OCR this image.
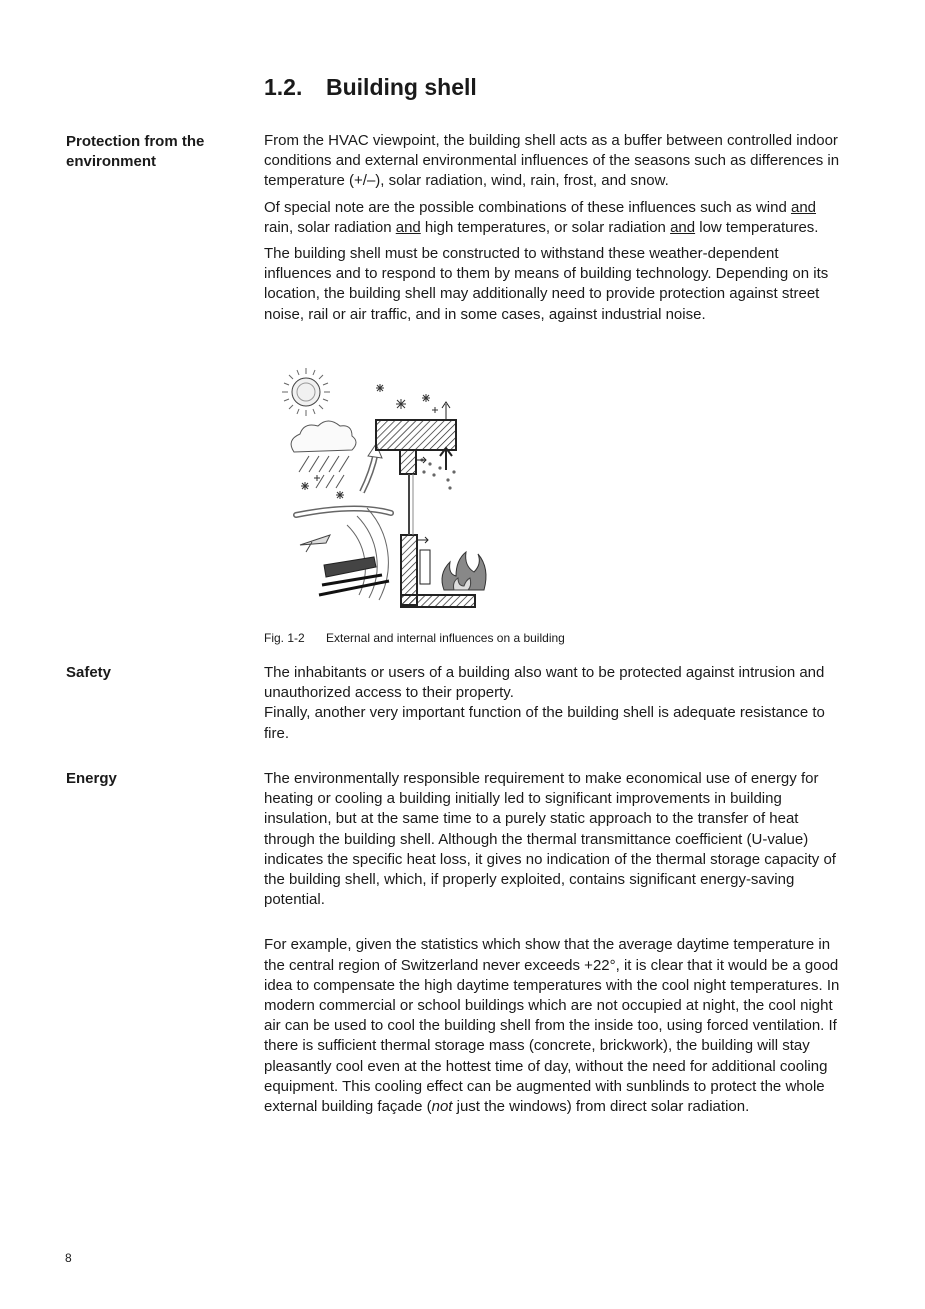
1.2. Building shell
Protection from the environment

From the HVAC viewpoint, the building shell acts as a buffer between controlled indoor conditions and external environmental influences of the seasons such as differences in temperature (+/–), solar radiation, wind, rain, frost, and snow.

Of special note are the possible combinations of these influences such as wind and rain, solar radiation and high temperatures, or solar radiation and low temperatures.

The building shell must be constructed to withstand these weather-dependent influences and to respond to them by means of building technology. Depending on its location, the building shell may additionally need to provide protection against street noise, rail or air traffic, and in some cases, against industrial noise.

Fig. 1-2 External and internal influences on a building
Safety	The inhabitants or users of a building also want to be protected against intrusion and unauthorized access to their property.

Finally, another very important function of the building shell is adequate resistance to fire.

Energy	The environmentally responsible requirement to make economical use of energy for heating or cooling a building initially led to significant improvements in building insulation, but at the same time to a purely static approach to the transfer of heat through the building shell. Although the thermal transmittance coefficient (U-value) indicates the specific heat loss, it gives no indication of the thermal storage capacity of the building shell, which, if properly exploited, contains significant energy-saving potential.

For example, given the statistics which show that the average daytime temperature in the central region of Switzerland never exceeds +22°, it is clear that it would be a good idea to compensate the high daytime temperatures with the cool night temperatures. In modern commercial or school buildings which are not occupied at night, the cool night air can be used to cool the building shell from the inside too, using forced ventilation. If there is sufficient thermal storage mass (concrete, brickwork), the building will stay pleasantly cool even at the hottest time of day, without the need for additional cooling equipment. This cooling effect can be augmented with sunblinds to protect the whole external building façade (not just the windows) from direct solar radiation.

8
